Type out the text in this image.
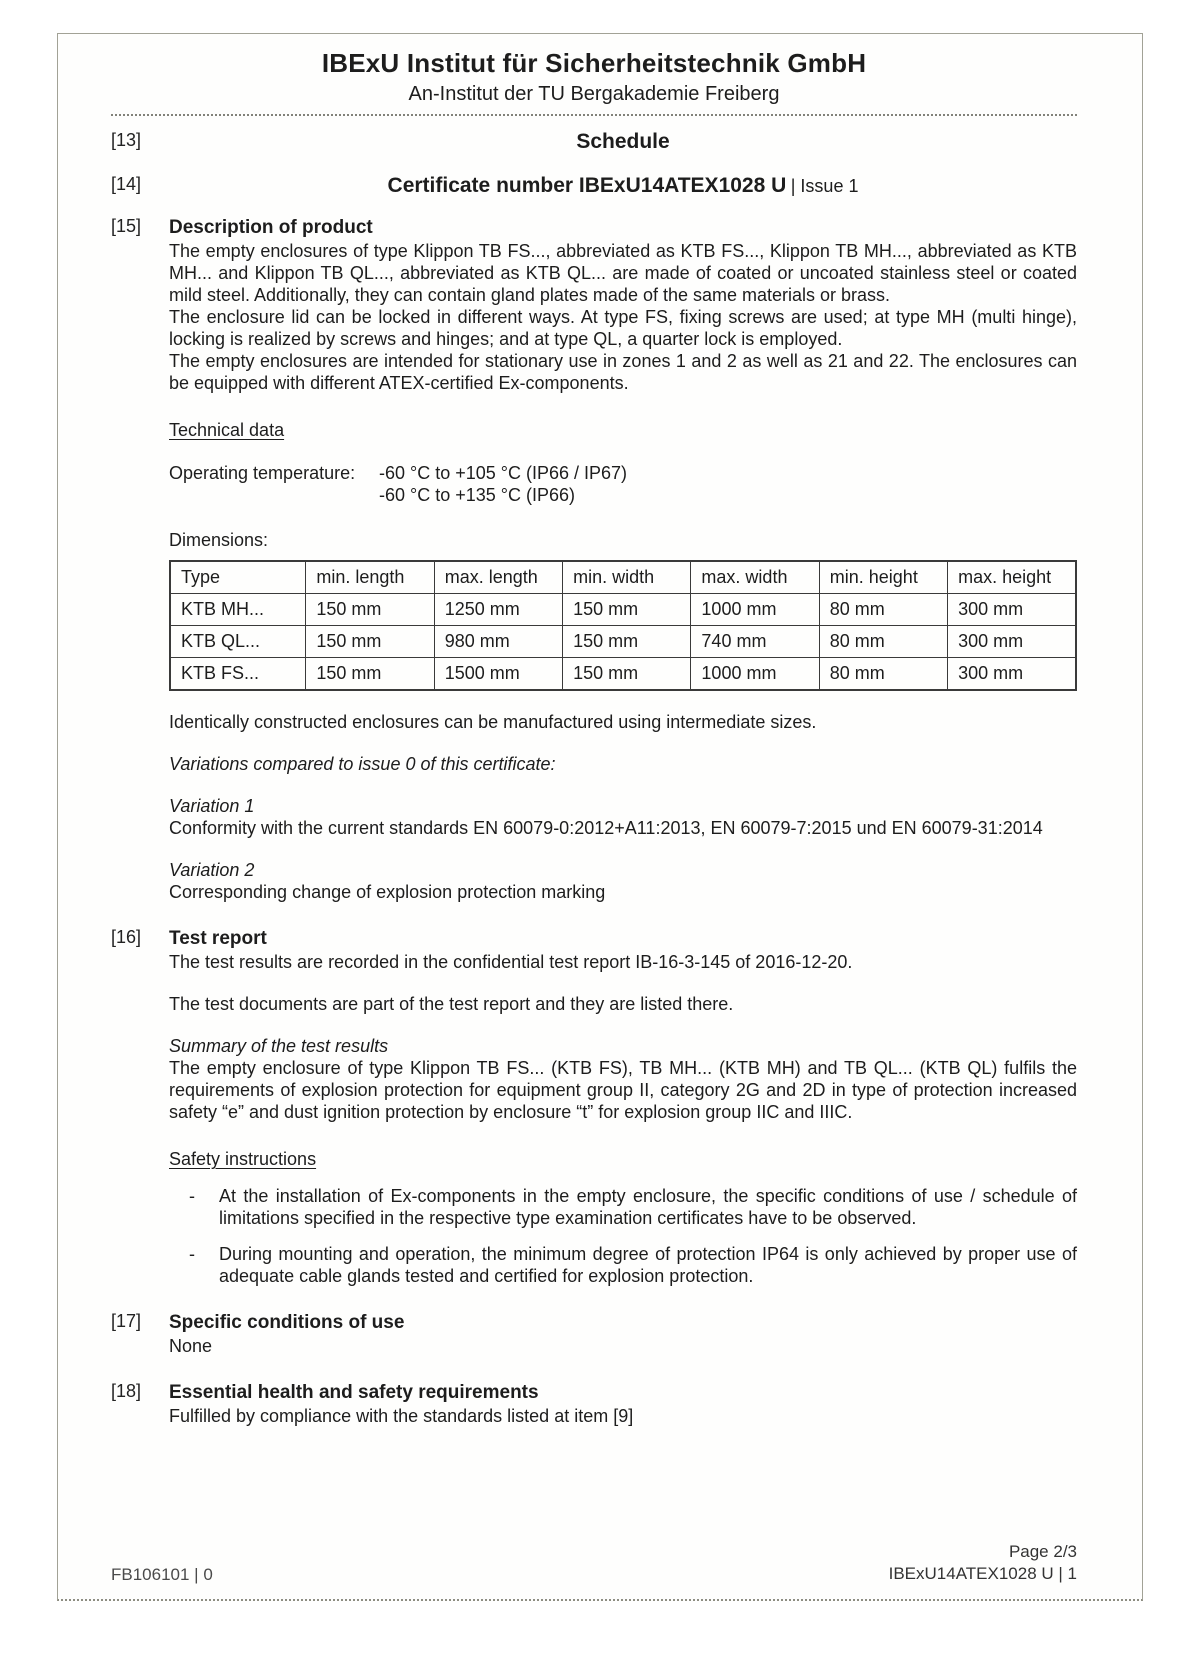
IBExU Institut für Sicherheitstechnik GmbH
An-Institut der TU Bergakademie Freiberg
[13]	Schedule
[14]	Certificate number IBExU14ATEX1028 U | Issue 1
[15]	Description of product
The empty enclosures of type Klippon TB FS..., abbreviated as KTB FS..., Klippon TB MH..., abbreviated as KTB MH... and Klippon TB QL..., abbreviated as KTB QL... are made of coated or uncoated stainless steel or coated mild steel. Additionally, they can contain gland plates made of the same materials or brass.
The enclosure lid can be locked in different ways. At type FS, fixing screws are used; at type MH (multi hinge), locking is realized by screws and hinges; and at type QL, a quarter lock is employed.
The empty enclosures are intended for stationary use in zones 1 and 2 as well as 21 and 22. The enclosures can be equipped with different ATEX-certified Ex-components.
Technical data
Operating temperature:	-60 °C to +105 °C (IP66 / IP67)
-60 °C to +135 °C (IP66)
Dimensions:
Type	min. length	max. length	min. width	max. width	min. height	max. height
KTB MH...	150 mm	1250 mm	150 mm	1000 mm	80 mm	300 mm
KTB QL...	150 mm	980 mm	150 mm	740 mm	80 mm	300 mm
KTB FS...	150 mm	1500 mm	150 mm	1000 mm	80 mm	300 mm
Identically constructed enclosures can be manufactured using intermediate sizes.
Variations compared to issue 0 of this certificate:
Variation 1
Conformity with the current standards EN 60079-0:2012+A11:2013, EN 60079-7:2015 und EN 60079-31:2014
Variation 2
Corresponding change of explosion protection marking
[16]	Test report
The test results are recorded in the confidential test report IB-16-3-145 of 2016-12-20.
The test documents are part of the test report and they are listed there.
Summary of the test results
The empty enclosure of type Klippon TB FS... (KTB FS), TB MH... (KTB MH) and TB QL... (KTB QL) fulfils the requirements of explosion protection for equipment group II, category 2G and 2D in type of protection increased safety “e” and dust ignition protection by enclosure “t” for explosion group IIC and IIIC.
Safety instructions
-	At the installation of Ex-components in the empty enclosure, the specific conditions of use / schedule of limitations specified in the respective type examination certificates have to be observed.
-	During mounting and operation, the minimum degree of protection IP64 is only achieved by proper use of adequate cable glands tested and certified for explosion protection.
[17]	Specific conditions of use
None
[18]	Essential health and safety requirements
Fulfilled by compliance with the standards listed at item [9]
FB106101 | 0
Page 2/3
IBExU14ATEX1028 U | 1
